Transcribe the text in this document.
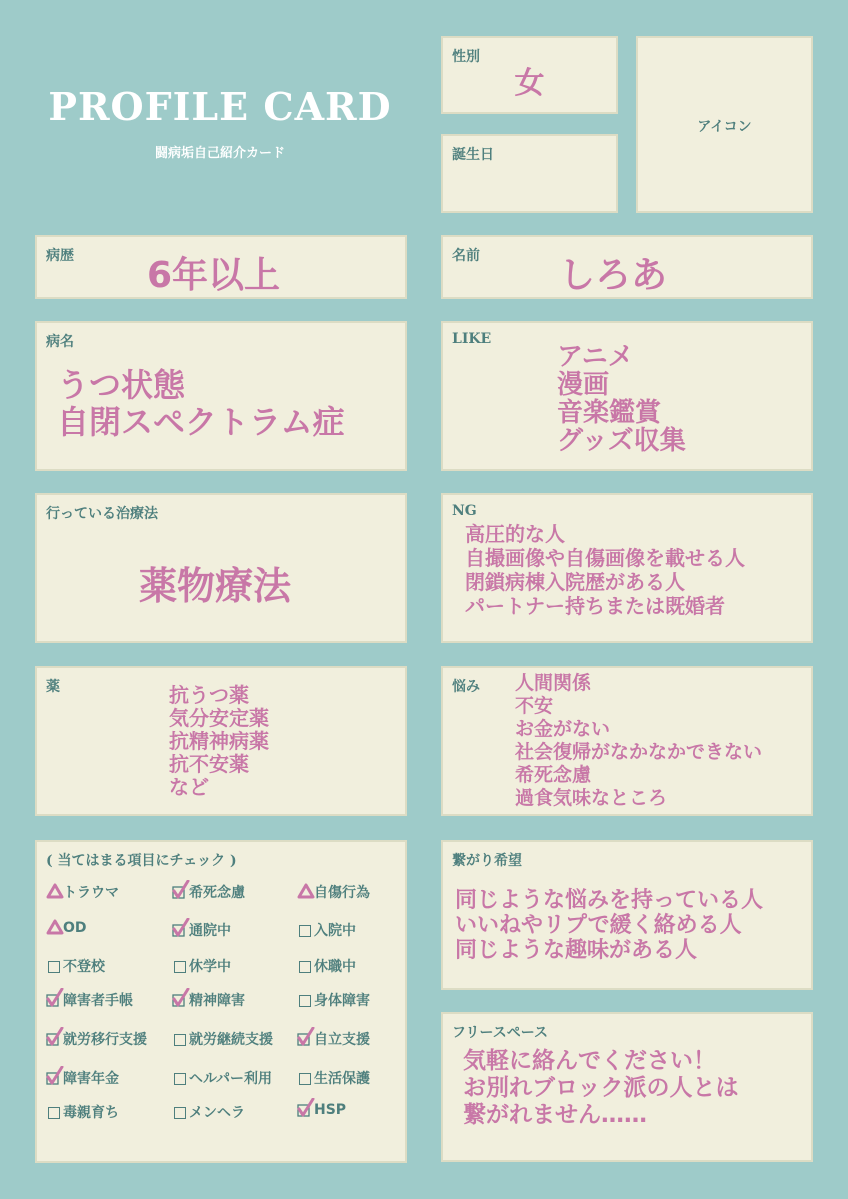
PROFILE CARD
闘病垢自己紹介カード
性別
女
誕生日
アイコン
病歴 6年以上	名前 しろあ
病名
うつ状態
自閉スペクトラム症
LIKE
アニメ
漫画
音楽鑑賞
グッズ収集
行っている治療法
薬物療法
NG
高圧的な人
自撮画像や自傷画像を載せる人
閉鎖病棟入院歴がある人
パートナー持ちまたは既婚者
薬	抗うつ薬
気分安定薬
抗精神病薬
抗不安薬
など
悩み 人間関係
不安
お金がない
社会復帰がなかなかできない
希死念慮
過食気味なところ
( 当てはまる項目にチェック )
トラウマ	希死念慮	自傷行為
OD	通院中	入院中
不登校	休学中	休職中
障害者手帳	精神障害	身体障害
就労移行支援	就労継続支援	自立支援
障害年金	ヘルパー利用	生活保護
毒親育ち	メンヘラ	HSP
繋がり希望
同じような悩みを持っている人
いいねやリプで緩く絡める人
同じような趣味がある人
フリースペース
気軽に絡んでください！
お別れブロック派の人とは
繋がれません……
